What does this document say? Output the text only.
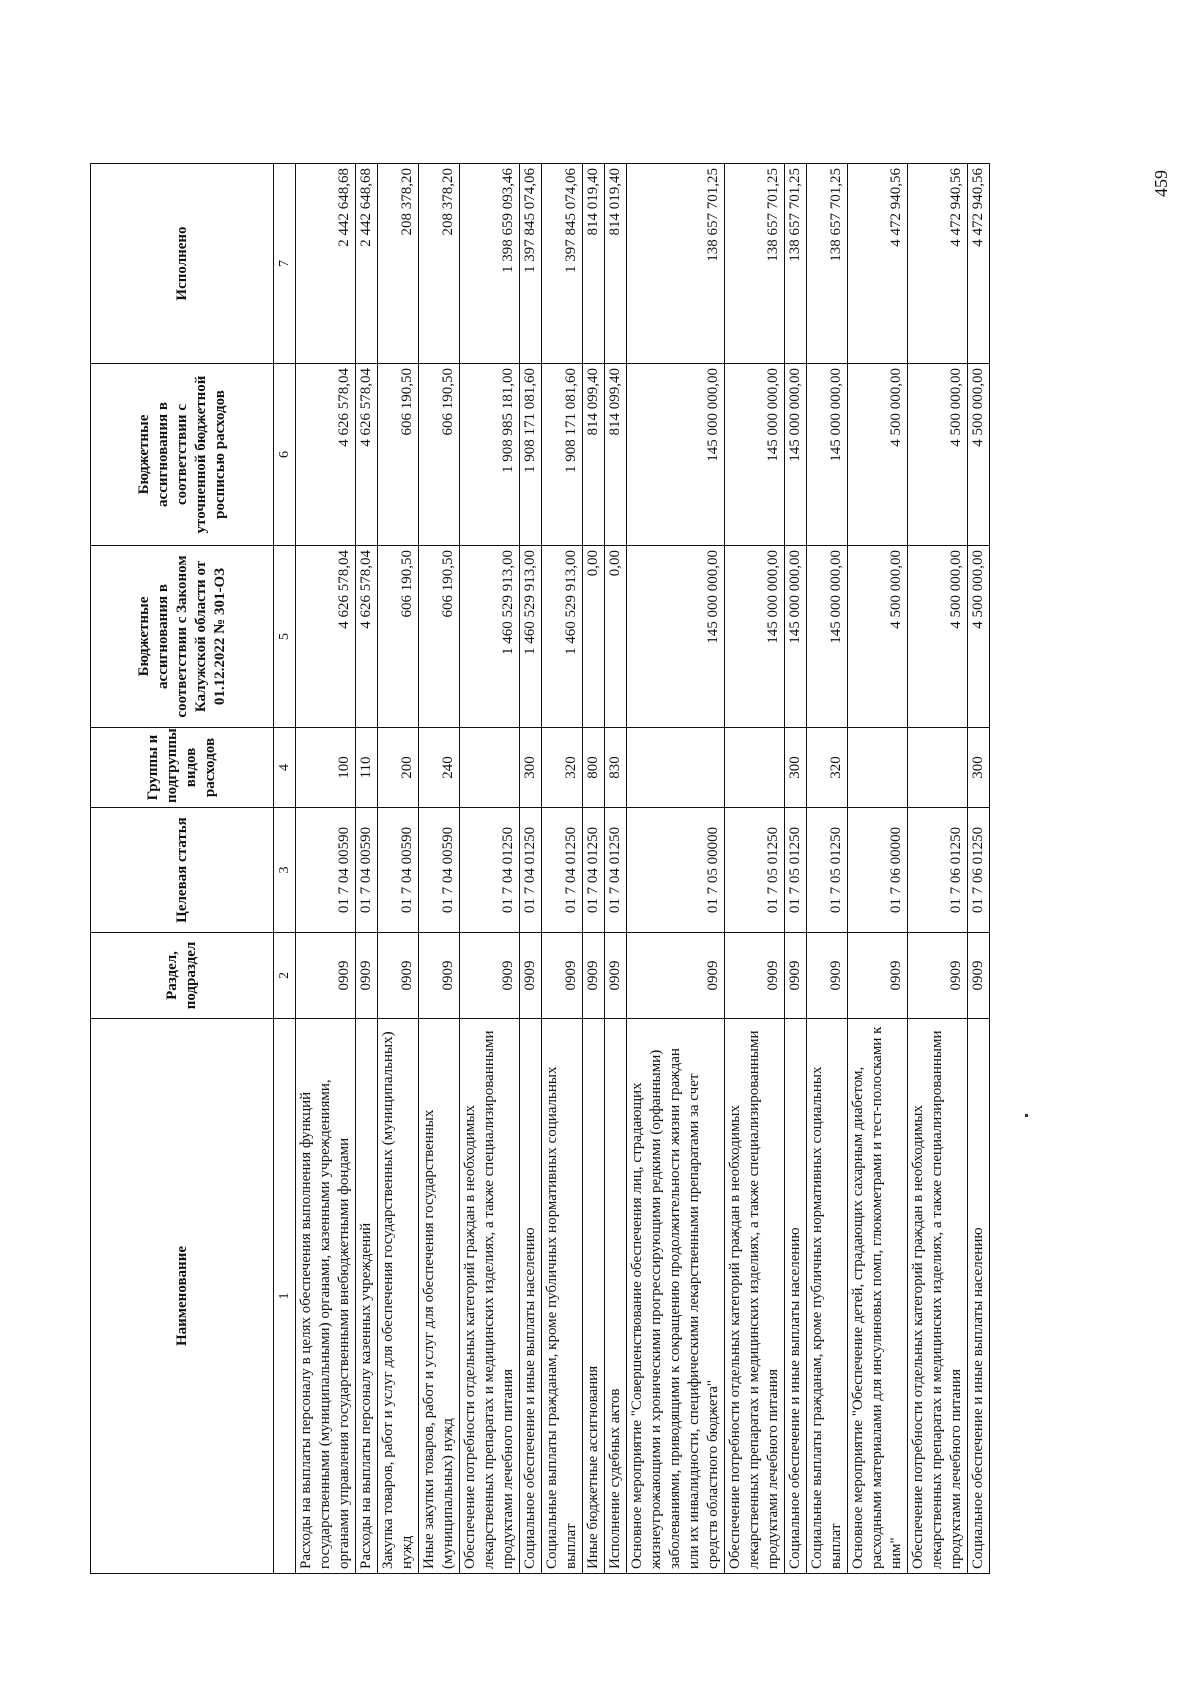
Наименование	Раздел, подраздел	Целевая статья	Группы и подгруппы видов расходов	Бюджетные ассигнования в соответствии с Законом Калужской области от 01.12.2022 № 301-ОЗ	Бюджетные ассигнования в соответствии с уточненной бюджетной росписью расходов	Исполнено
1	2	3	4	5	6	7
Расходы на выплаты персоналу в целях обеспечения выполнения функций государственными (муниципальными) органами, казенными учреждениями, органами управления государственными внебюджетными фондами	0909	01 7 04 00590	100	4 626 578,04	4 626 578,04	2 442 648,68
Расходы на выплаты персоналу казенных учреждений	0909	01 7 04 00590	110	4 626 578,04	4 626 578,04	2 442 648,68
Закупка товаров, работ и услуг для обеспечения государственных (муниципальных) нужд	0909	01 7 04 00590	200	606 190,50	606 190,50	208 378,20
Иные закупки товаров, работ и услуг для обеспечения государственных (муниципальных) нужд	0909	01 7 04 00590	240	606 190,50	606 190,50	208 378,20
Обеспечение потребности отдельных категорий граждан в необходимых лекарственных препаратах и медицинских изделиях, а также специализированными продуктами лечебного питания	0909	01 7 04 01250		1 460 529 913,00	1 908 985 181,00	1 398 659 093,46
Социальное обеспечение и иные выплаты населению	0909	01 7 04 01250	300	1 460 529 913,00	1 908 171 081,60	1 397 845 074,06
Социальные выплаты гражданам, кроме публичных нормативных социальных выплат	0909	01 7 04 01250	320	1 460 529 913,00	1 908 171 081,60	1 397 845 074,06
Иные бюджетные ассигнования	0909	01 7 04 01250	800	0,00	814 099,40	814 019,40
Исполнение судебных актов	0909	01 7 04 01250	830	0,00	814 099,40	814 019,40
Основное мероприятие "Совершенствование обеспечения лиц, страдающих жизнеугрожающими и хроническими прогрессирующими редкими (орфанными) заболеваниями, приводящими к сокращению продолжительности жизни граждан или их инвалидности, специфическими лекарственными препаратами за счет средств областного бюджета"	0909	01 7 05 00000		145 000 000,00	145 000 000,00	138 657 701,25
Обеспечение потребности отдельных категорий граждан в необходимых лекарственных препаратах и медицинских изделиях, а также специализированными продуктами лечебного питания	0909	01 7 05 01250		145 000 000,00	145 000 000,00	138 657 701,25
Социальное обеспечение и иные выплаты населению	0909	01 7 05 01250	300	145 000 000,00	145 000 000,00	138 657 701,25
Социальные выплаты гражданам, кроме публичных нормативных социальных выплат	0909	01 7 05 01250	320	145 000 000,00	145 000 000,00	138 657 701,25
Основное мероприятие "Обеспечение детей, страдающих сахарным диабетом, расходными материалами для инсулиновых помп, глюкометрами и тест-полосками к ним"	0909	01 7 06 00000		4 500 000,00	4 500 000,00	4 472 940,56
Обеспечение потребности отдельных категорий граждан в необходимых лекарственных препаратах и медицинских изделиях, а также специализированными продуктами лечебного питания	0909	01 7 06 01250		4 500 000,00	4 500 000,00	4 472 940,56
Социальное обеспечение и иные выплаты населению	0909	01 7 06 01250	300	4 500 000,00	4 500 000,00	4 472 940,56	459
